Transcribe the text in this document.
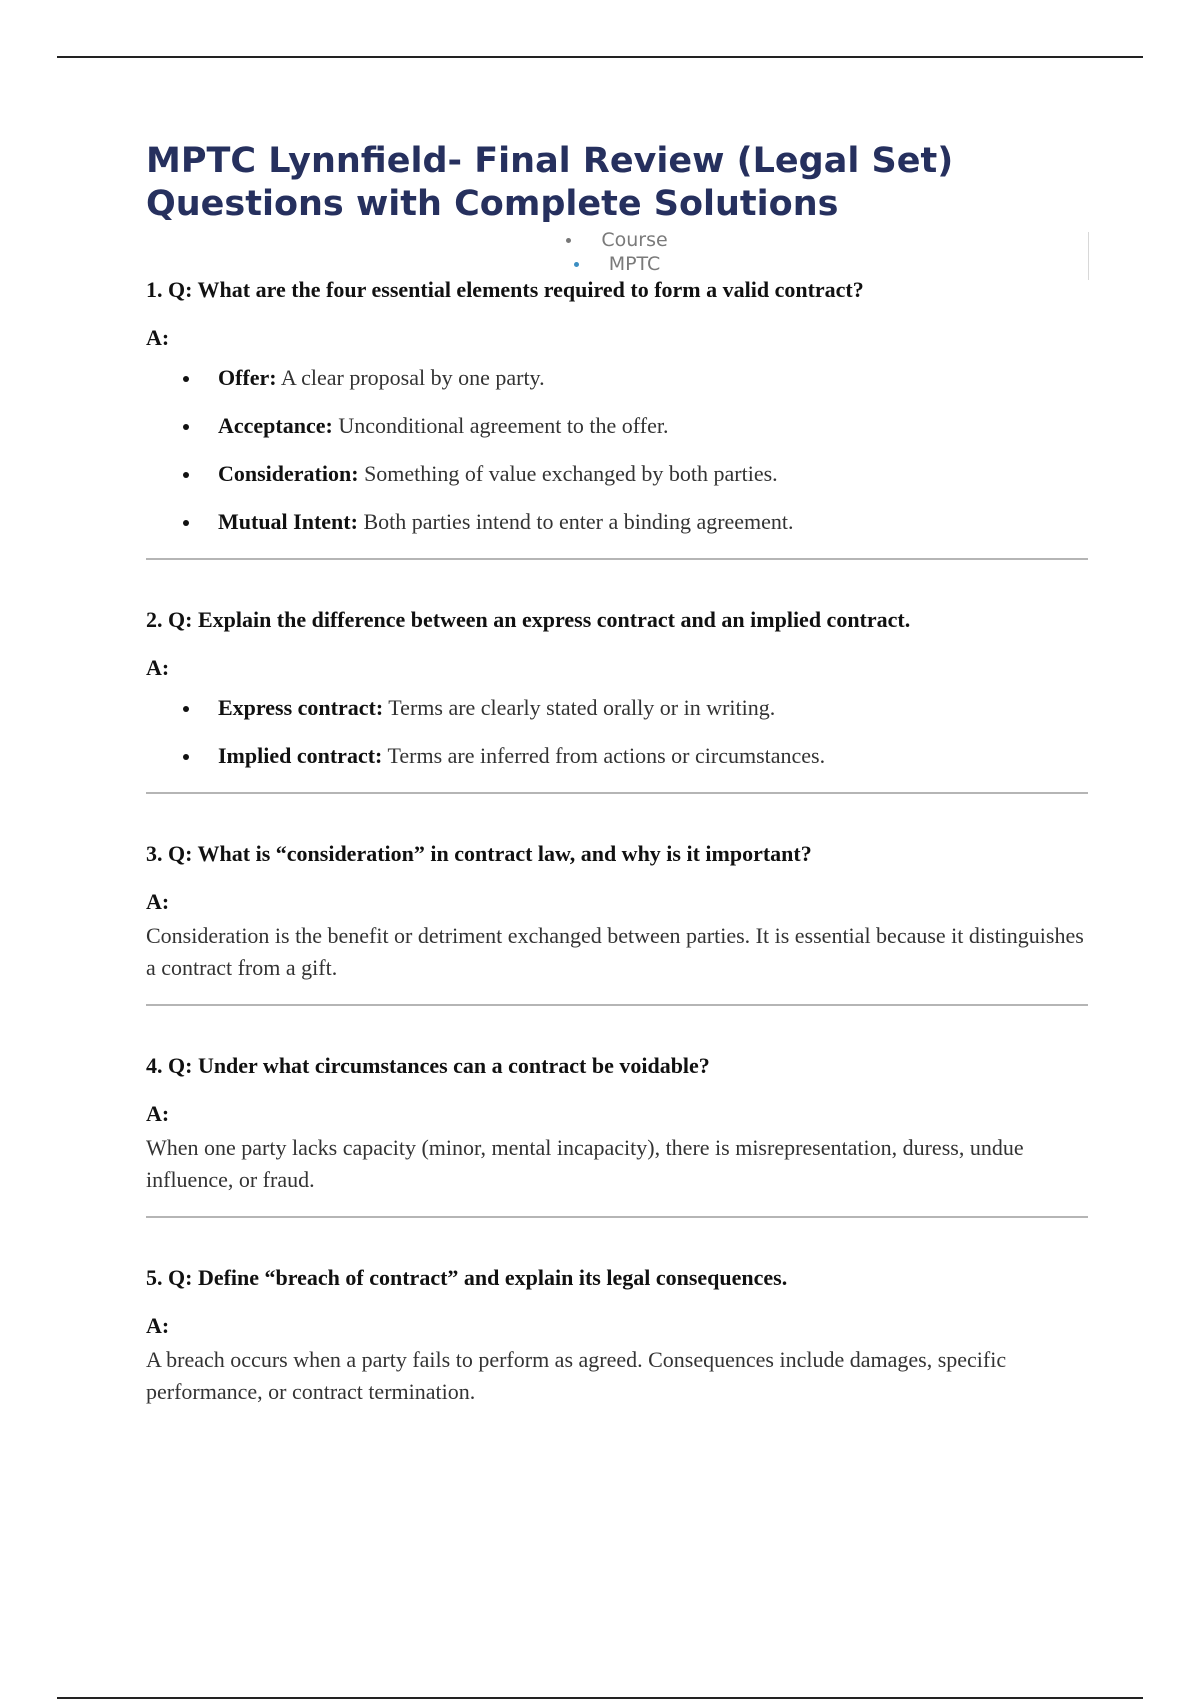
MPTC Lynnfield- Final Review (Legal Set)
Questions with Complete Solutions
Course
MPTC

1. Q: What are the four essential elements required to form a valid contract?

A:

Offer: A clear proposal by one party.
Acceptance: Unconditional agreement to the offer.
Consideration: Something of value exchanged by both parties.
Mutual Intent: Both parties intend to enter a binding agreement.

2. Q: Explain the difference between an express contract and an implied contract.

A:

Express contract: Terms are clearly stated orally or in writing.
Implied contract: Terms are inferred from actions or circumstances.

3. Q: What is “consideration” in contract law, and why is it important?

A:

Consideration is the benefit or detriment exchanged between parties. It is essential because it distinguishes a contract from a gift.

4. Q: Under what circumstances can a contract be voidable?

A:

When one party lacks capacity (minor, mental incapacity), there is misrepresentation, duress, undue influence, or fraud.

5. Q: Define “breach of contract” and explain its legal consequences.

A:

A breach occurs when a party fails to perform as agreed. Consequences include damages, specific performance, or contract termination.
